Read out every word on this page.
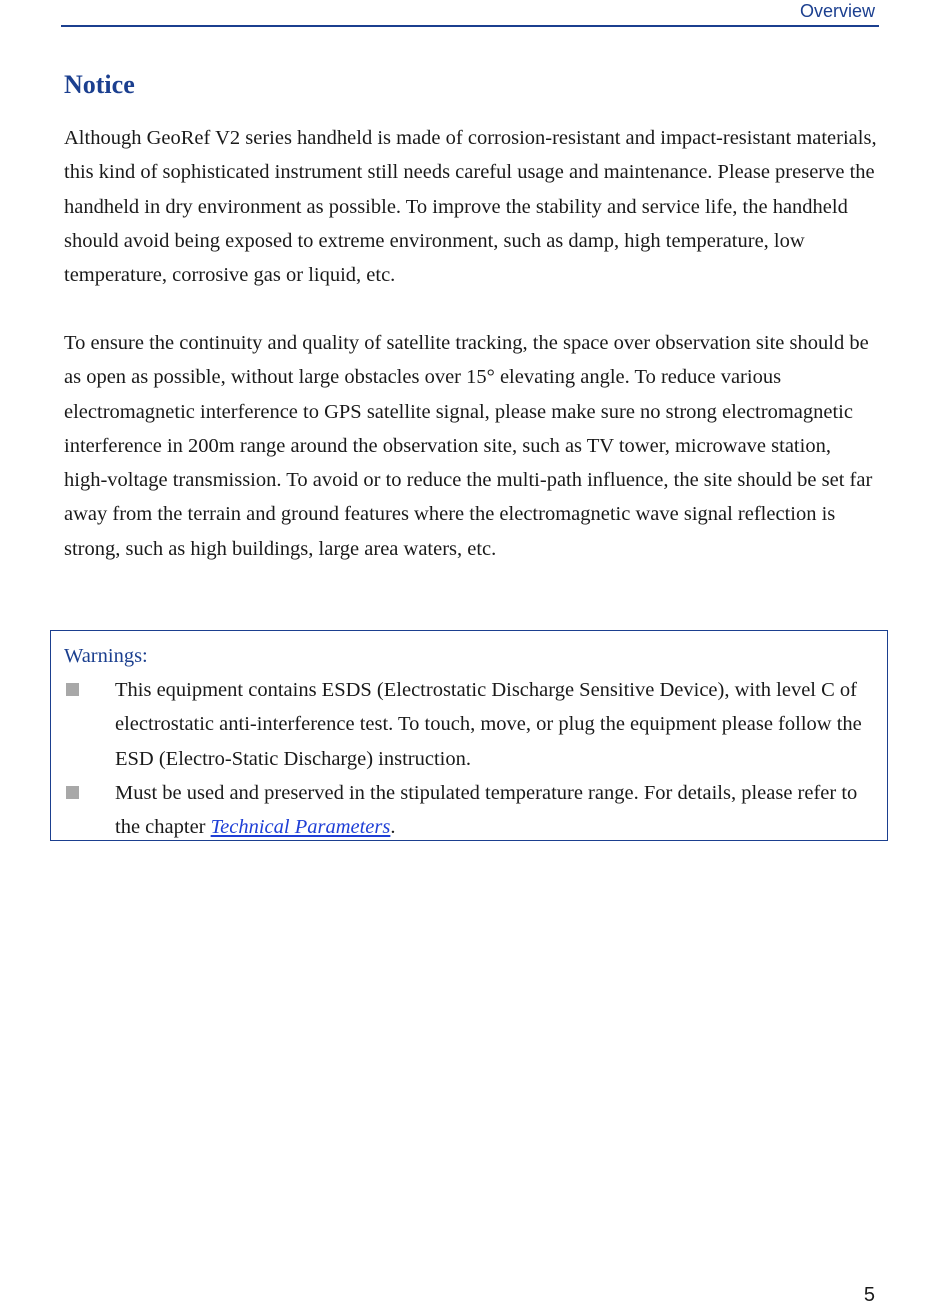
Overview
Notice

Although GeoRef V2 series handheld is made of corrosion-resistant and impact-resistant materials, this kind of sophisticated instrument still needs careful usage and maintenance. Please preserve the handheld in dry environment as possible. To improve the stability and service life, the handheld should avoid being exposed to extreme environment, such as damp, high temperature, low temperature, corrosive gas or liquid, etc.

To ensure the continuity and quality of satellite tracking, the space over observation site should be as open as possible, without large obstacles over 15° elevating angle. To reduce various electromagnetic interference to GPS satellite signal, please make sure no strong electromagnetic interference in 200m range around the observation site, such as TV tower, microwave station, high-voltage transmission. To avoid or to reduce the multi-path influence, the site should be set far away from the terrain and ground features where the electromagnetic wave signal reflection is strong, such as high buildings, large area waters, etc.

Warnings:
This equipment contains ESDS (Electrostatic Discharge Sensitive Device), with level C of electrostatic anti-interference test. To touch, move, or plug the equipment please follow the ESD (Electro-Static Discharge) instruction.
Must be used and preserved in the stipulated temperature range. For details, please refer to the chapter Technical Parameters.
5
